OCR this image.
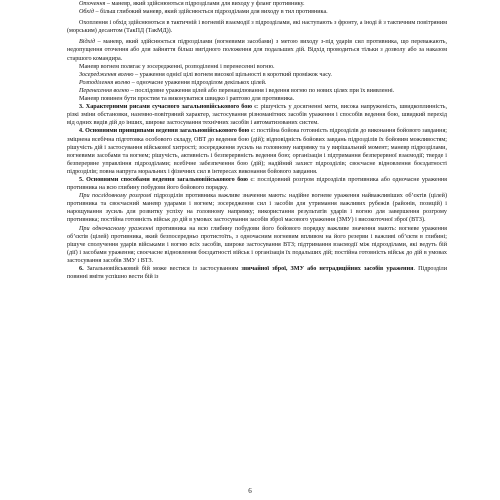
Оточення – маневр, який здійснюються підрозділами для виходу у фланг противнику.

Обхід – більш глибокий маневр, який здійснюється підрозділами для виходу в тил противника.

Охоплення і обхід здійснюються в тактичній і вогневій взаємодії з підрозділами, які наступають з фронту, а іноді й з тактичним повітряним (морським) десантом (ТакПД (ТакМД)).

Відхід – маневр, який здійснюється підрозділами (вогневими засобами) з метою виходу з-під ударів сил противника, що переважають, недопущення оточення або для зайняття більш вигідного положення для подальших дій. Відхід проводиться тільки з дозволу або за наказом старшого командира.

Маневр вогнем полягає у зосередженні, розподіленні і перенесенні вогню.

Зосередження вогню – ураження однієї цілі вогнем високої щільності в короткий проміжок часу.

Розподілення вогню – одночасне ураження підрозділом декількох цілей.

Перенесення вогню – послідовне ураження цілей або перенацілювання і ведення вогню по нових цілях при їх виявленні.

Маневр повинен бути простим та виконуватися швидко і раптово для противника.

3. Характерними рисами сучасного загальновійськового бою є: рішучість у досягненні мети, висока напруженість, швидкоплинність, різкі зміни обстановки, наземно-повітряний характер, застосування різноманітних засобів ураження і способів ведення бою, швидкий перехід від одних видів дій до інших, широке застосування технічних засобів і автоматизованих систем.

4. Основними принципами ведення загальновійськового бою є: постійна бойова готовність підрозділів до виконання бойового завдання; зміцнена всебічна підготовка особового складу, ОВТ до ведення бою (дій); відповідність бойових завдань підрозділів їх бойовим можливостям; рішучість дій і застосування військової хитрості; зосередження зусиль на головному напрямку та у вирішальний момент; маневр підрозділами, вогневими засобами та вогнем; рішучість, активність і безперервність ведення бою; організація і підтримання безперервної взаємодії; тверде і безперервне управління підрозділами; всебічне забезпечення бою (дій); надійний захист підрозділів; своєчасне відновлення боєздатності підрозділів; повна напруга моральних і фізичних сил в інтересах виконання бойового завдання.

5. Основними способами ведення загальновійськового бою є: послідовний розгром підрозділів противника або одночасне ураження противника на всю глибину побудови його бойового порядку.

При послідовному розгромі підрозділів противника важливе значення мають: надійне вогневе ураження найважливіших об’єктів (цілей) противника та своєчасний маневр ударами і вогнем; зосередження сил і засобів для утримання важливих рубежів (районів, позицій) і нарощування зусиль для розвитку успіху на головному напрямку; використання результатів ударів і вогню для завершення розгрому противника; постійна готовність військ до дій в умовах застосування засобів зброї масового ураження (ЗМУ) і високоточної зброї (ВТЗ).

При одночасному ураженні противника на всю глибину побудови його бойового порядку важливе значення мають: вогневе ураження об’єктів (цілей) противника, який безпосередньо протистоїть, з одночасним вогневим впливом на його резерви і важливі об’єкти в глибині; рішуче сполучення ударів військами і вогню всіх засобів, широке застосування ВТЗ; підтримання взаємодії між підрозділами, які ведуть бій (дії) і засобами ураження; своєчасне відновлення боєздатності військ і організація їх подальших дій; постійна готовність військ до дій в умовах застосування засобів ЗМУ і ВТЗ.

6. Загальновійськовий бій може вестися із застосуванням звичайної зброї, ЗМУ або нетрадиційних засобів ураження. Підрозділи повинні вміти успішно вести бій із

6
